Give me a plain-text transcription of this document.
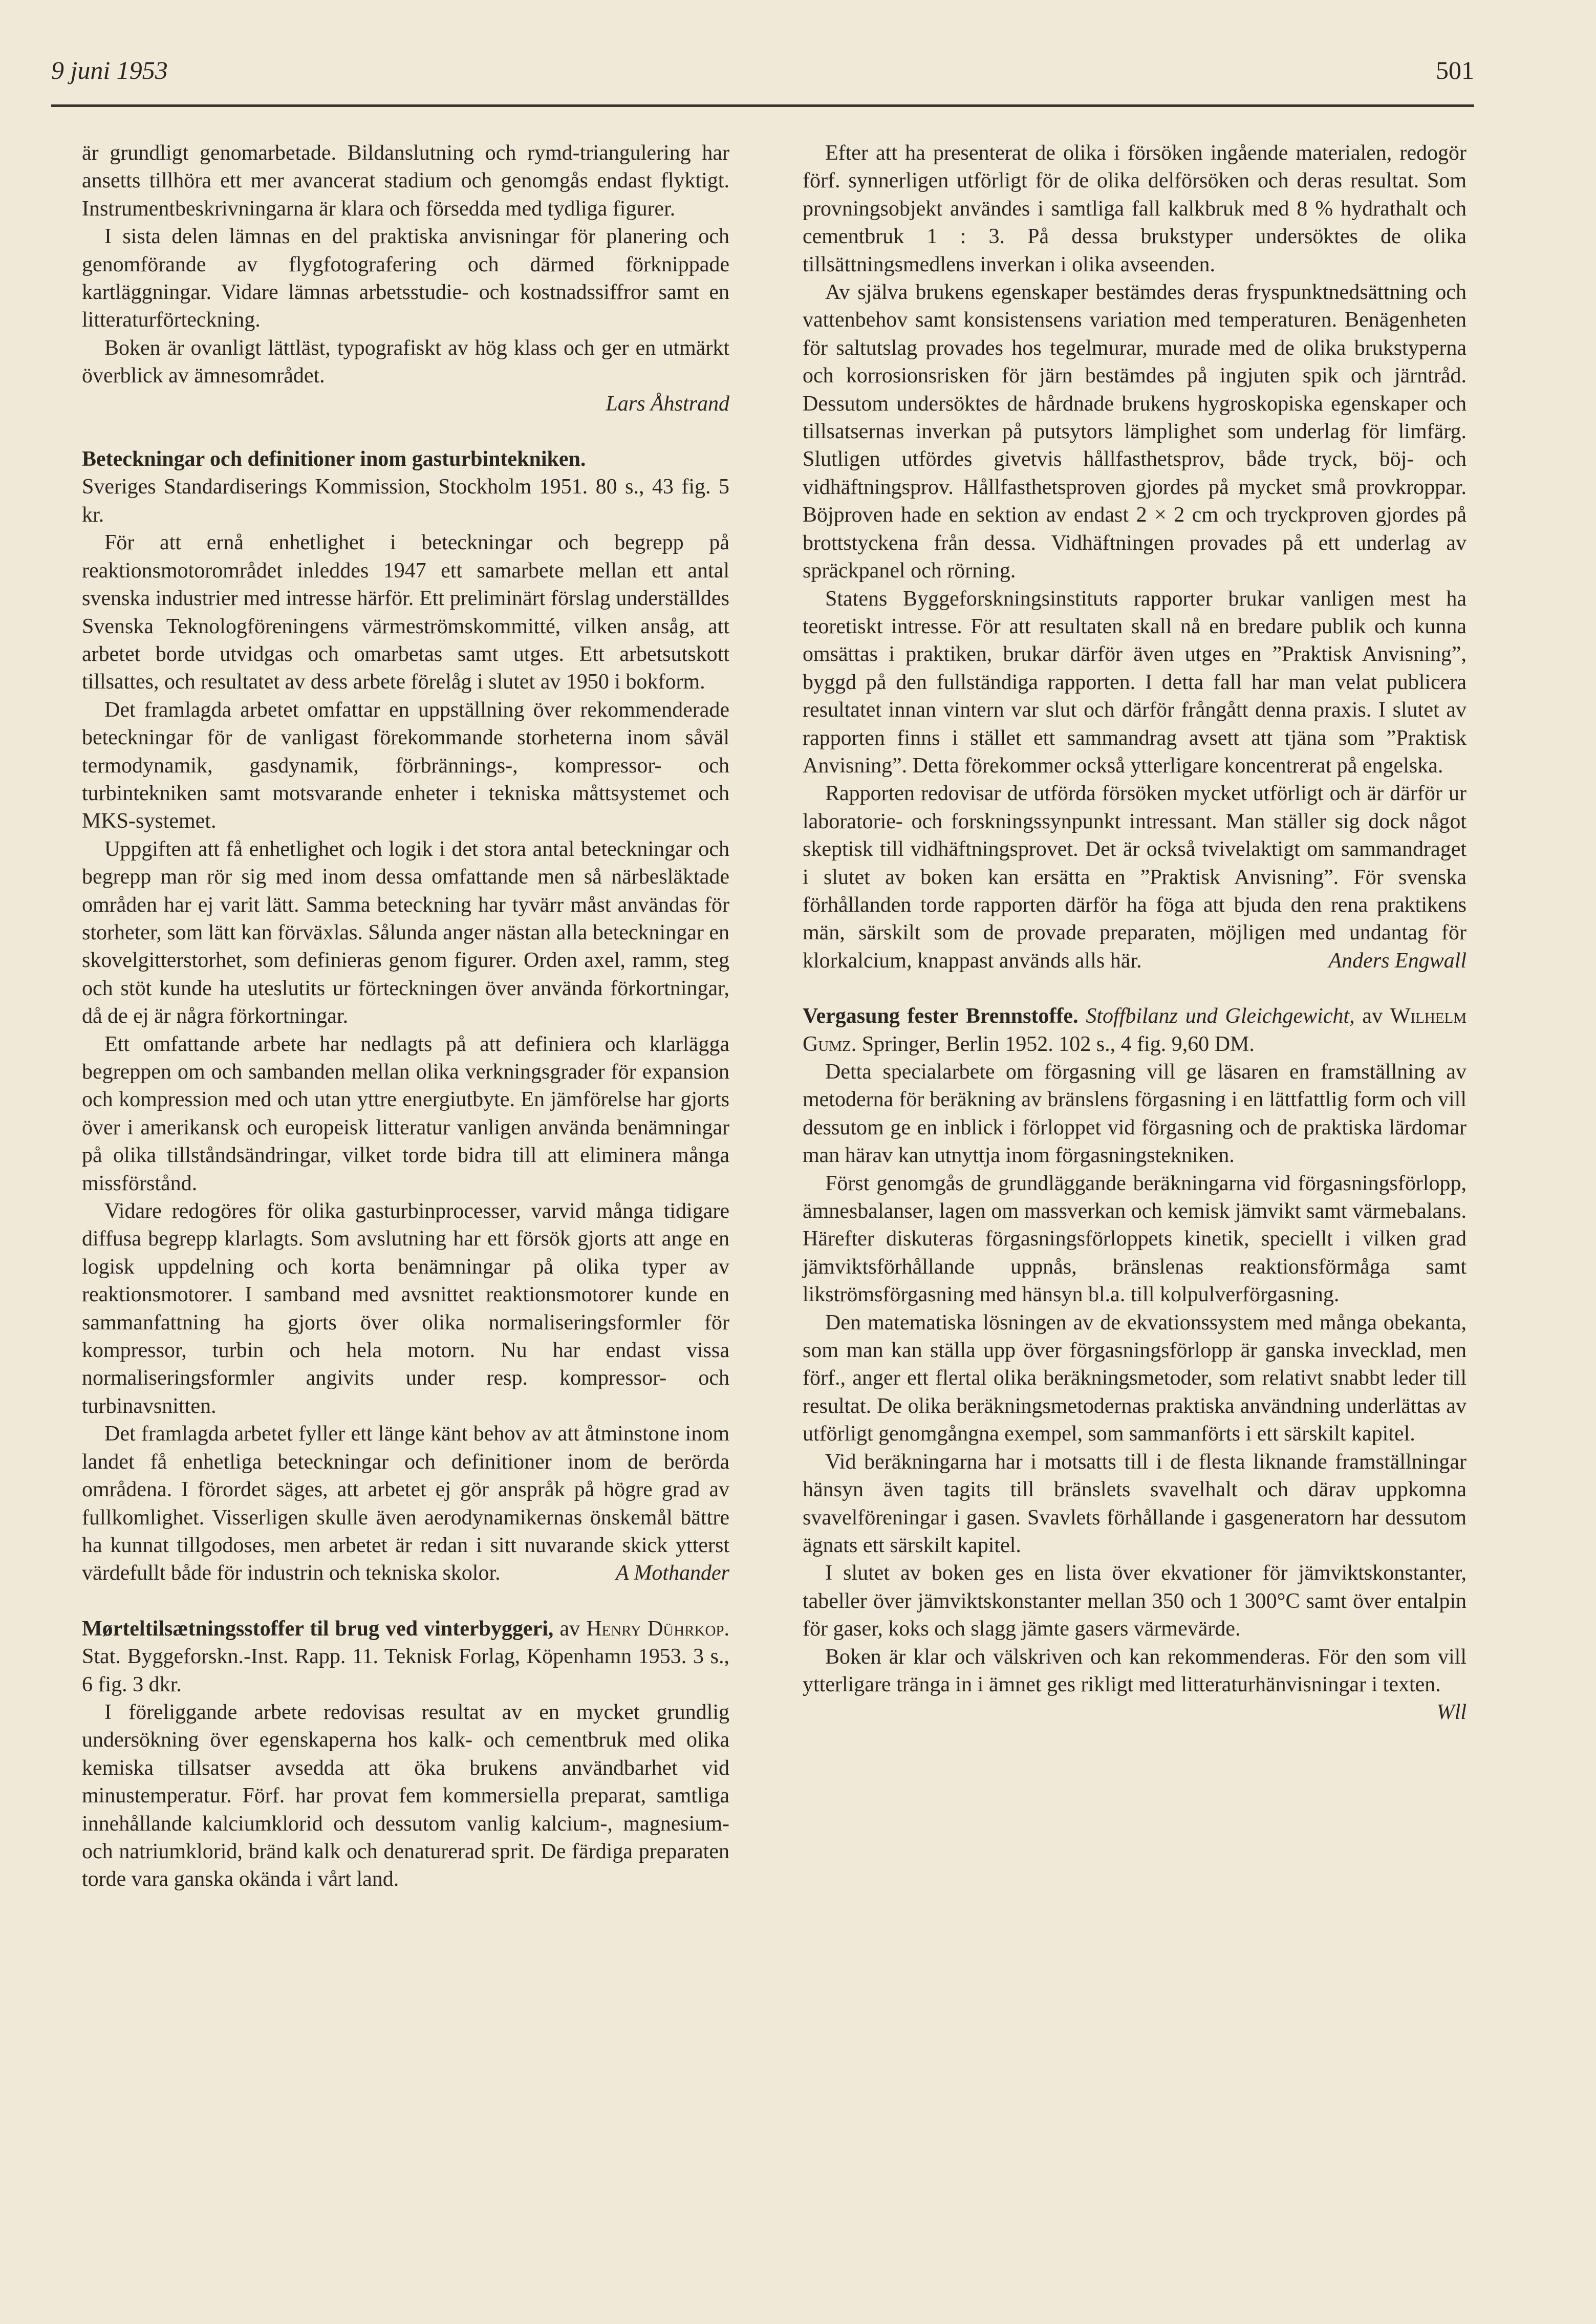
9 juni 1953	501

är grundligt genomarbetade. Bildanslutning och rymd-triangulering har ansetts tillhöra ett mer avancerat stadium och genomgås endast flyktigt. Instrumentbeskrivningarna är klara och försedda med tydliga figurer.

I sista delen lämnas en del praktiska anvisningar för planering och genomförande av flygfotografering och därmed förknippade kartläggningar. Vidare lämnas arbetsstudie- och kostnadssiffror samt en litteraturförteckning.

Boken är ovanligt lättläst, typografiskt av hög klass och ger en utmärkt överblick av ämnesområdet.

Lars Åhstrand

Beteckningar och definitioner inom gasturbintekniken.
Sveriges Standardiserings Kommission, Stockholm 1951. 80 s., 43 fig. 5 kr.

För att ernå enhetlighet i beteckningar och begrepp på reaktionsmotorområdet inleddes 1947 ett samarbete mellan ett antal svenska industrier med intresse härför. Ett preliminärt förslag underställdes Svenska Teknologföreningens värmeströmskommitté, vilken ansåg, att arbetet borde utvidgas och omarbetas samt utges. Ett arbetsutskott tillsattes, och resultatet av dess arbete förelåg i slutet av 1950 i bokform.

Det framlagda arbetet omfattar en uppställning över rekommenderade beteckningar för de vanligast förekommande storheterna inom såväl termodynamik, gasdynamik, förbrännings-, kompressor- och turbintekniken samt motsvarande enheter i tekniska måttsystemet och MKS-systemet.

Uppgiften att få enhetlighet och logik i det stora antal beteckningar och begrepp man rör sig med inom dessa omfattande men så närbesläktade områden har ej varit lätt. Samma beteckning har tyvärr måst användas för storheter, som lätt kan förväxlas. Sålunda anger nästan alla beteckningar en skovelgitterstorhet, som definieras genom figurer. Orden axel, ramm, steg och stöt kunde ha uteslutits ur förteckningen över använda förkortningar, då de ej är några förkortningar.

Ett omfattande arbete har nedlagts på att definiera och klarlägga begreppen om och sambanden mellan olika verkningsgrader för expansion och kompression med och utan yttre energiutbyte. En jämförelse har gjorts över i amerikansk och europeisk litteratur vanligen använda benämningar på olika tillståndsändringar, vilket torde bidra till att eliminera många missförstånd.

Vidare redogöres för olika gasturbinprocesser, varvid många tidigare diffusa begrepp klarlagts. Som avslutning har ett försök gjorts att ange en logisk uppdelning och korta benämningar på olika typer av reaktionsmotorer. I samband med avsnittet reaktionsmotorer kunde en sammanfattning ha gjorts över olika normaliseringsformler för kompressor, turbin och hela motorn. Nu har endast vissa normaliseringsformler angivits under resp. kompressor- och turbinavsnitten.

Det framlagda arbetet fyller ett länge känt behov av att åtminstone inom landet få enhetliga beteckningar och definitioner inom de berörda områdena. I förordet säges, att arbetet ej gör anspråk på högre grad av fullkomlighet. Visserligen skulle även aerodynamikernas önskemål bättre ha kunnat tillgodoses, men arbetet är redan i sitt nuvarande skick ytterst värdefullt både för industrin och tekniska skolor.	A Mothander

Mørteltilsætningsstoffer til brug ved vinterbyggeri, av Henry Dührkop. Stat. Byggeforskn.-Inst. Rapp. 11. Teknisk Forlag, Köpenhamn 1953. 3 s., 6 fig. 3 dkr.

I föreliggande arbete redovisas resultat av en mycket grundlig undersökning över egenskaperna hos kalk- och cementbruk med olika kemiska tillsatser avsedda att öka brukens användbarhet vid minustemperatur. Förf. har provat fem kommersiella preparat, samtliga innehållande kalciumklorid och dessutom vanlig kalcium-, magnesium- och natriumklorid, bränd kalk och denaturerad sprit. De färdiga preparaten torde vara ganska okända i vårt land.

Efter att ha presenterat de olika i försöken ingående materialen, redogör förf. synnerligen utförligt för de olika delförsöken och deras resultat. Som provningsobjekt användes i samtliga fall kalkbruk med 8 % hydrathalt och cementbruk 1 : 3. På dessa brukstyper undersöktes de olika tillsättningsmedlens inverkan i olika avseenden.

Av själva brukens egenskaper bestämdes deras fryspunktnedsättning och vattenbehov samt konsistensens variation med temperaturen. Benägenheten för saltutslag provades hos tegelmurar, murade med de olika brukstyperna och korrosionsrisken för järn bestämdes på ingjuten spik och järntråd. Dessutom undersöktes de hårdnade brukens hygroskopiska egenskaper och tillsatsernas inverkan på putsytors lämplighet som underlag för limfärg. Slutligen utfördes givetvis hållfasthetsprov, både tryck, böj- och vidhäftningsprov. Hållfasthetsproven gjordes på mycket små provkroppar. Böjproven hade en sektion av endast 2 × 2 cm och tryckproven gjordes på brottstyckena från dessa. Vidhäftningen provades på ett underlag av spräckpanel och rörning.

Statens Byggeforskningsinstituts rapporter brukar vanligen mest ha teoretiskt intresse. För att resultaten skall nå en bredare publik och kunna omsättas i praktiken, brukar därför även utges en ”Praktisk Anvisning”, byggd på den fullständiga rapporten. I detta fall har man velat publicera resultatet innan vintern var slut och därför frångått denna praxis. I slutet av rapporten finns i stället ett sammandrag avsett att tjäna som ”Praktisk Anvisning”. Detta förekommer också ytterligare koncentrerat på engelska.

Rapporten redovisar de utförda försöken mycket utförligt och är därför ur laboratorie- och forskningssynpunkt intressant. Man ställer sig dock något skeptisk till vidhäftningsprovet. Det är också tvivelaktigt om sammandraget i slutet av boken kan ersätta en ”Praktisk Anvisning”. För svenska förhållanden torde rapporten därför ha föga att bjuda den rena praktikens män, särskilt som de provade preparaten, möjligen med undantag för klorkalcium, knappast används alls här.	Anders Engwall

Vergasung fester Brennstoffe. Stoffbilanz und Gleichgewicht, av Wilhelm Gumz. Springer, Berlin 1952. 102 s., 4 fig. 9,60 DM.

Detta specialarbete om förgasning vill ge läsaren en framställning av metoderna för beräkning av bränslens förgasning i en lättfattlig form och vill dessutom ge en inblick i förloppet vid förgasning och de praktiska lärdomar man härav kan utnyttja inom förgasningstekniken.

Först genomgås de grundläggande beräkningarna vid förgasningsförlopp, ämnesbalanser, lagen om massverkan och kemisk jämvikt samt värmebalans. Härefter diskuteras förgasningsförloppets kinetik, speciellt i vilken grad jämviktsförhållande uppnås, bränslenas reaktionsförmåga samt likströmsförgasning med hänsyn bl.a. till kolpulverförgasning.

Den matematiska lösningen av de ekvationssystem med många obekanta, som man kan ställa upp över förgasningsförlopp är ganska invecklad, men förf., anger ett flertal olika beräkningsmetoder, som relativt snabbt leder till resultat. De olika beräkningsmetodernas praktiska användning underlättas av utförligt genomgångna exempel, som sammanförts i ett särskilt kapitel.

Vid beräkningarna har i motsatts till i de flesta liknande framställningar hänsyn även tagits till bränslets svavelhalt och därav uppkomna svavelföreningar i gasen. Svavlets förhållande i gasgeneratorn har dessutom ägnats ett särskilt kapitel.

I slutet av boken ges en lista över ekvationer för jämviktskonstanter, tabeller över jämviktskonstanter mellan 350 och 1 300°C samt över entalpin för gaser, koks och slagg jämte gasers värmevärde.

Boken är klar och välskriven och kan rekommenderas. För den som vill ytterligare tränga in i ämnet ges rikligt med litteraturhänvisningar i texten.
Wll
